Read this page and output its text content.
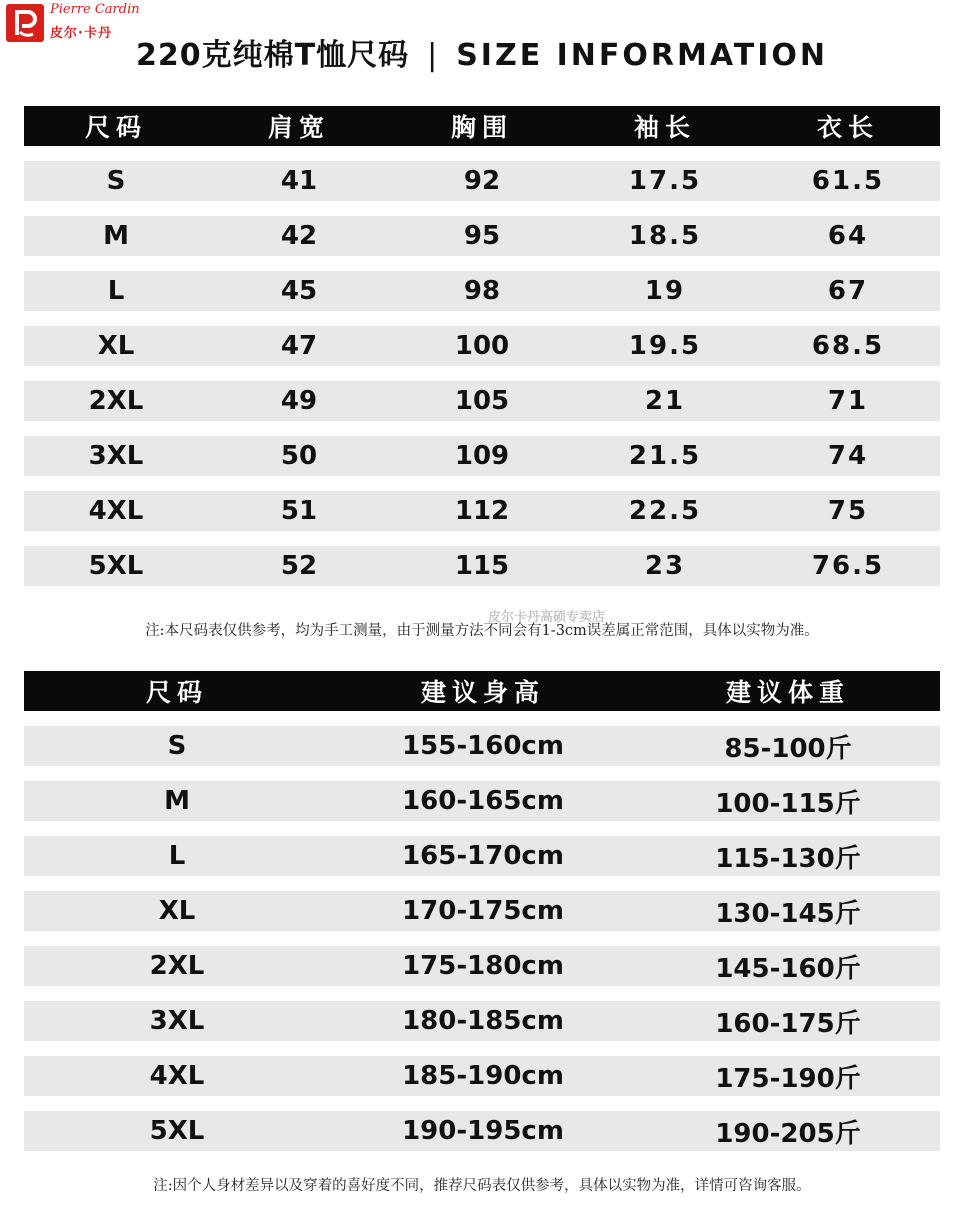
Pierre Cardin
皮尔·卡丹
220克纯棉T恤尺码 | SIZE INFORMATION
尺码	肩宽	胸围	袖长	衣长
S	41	92	17.5	61.5
M	42	95	18.5	64
L	45	98	19	67
XL	47	100	19.5	68.5
2XL	49	105	21	71
3XL	50	109	21.5	74
4XL	51	112	22.5	75
5XL	52	115	23	76.5
皮尔卡丹高硕专卖店
注:本尺码表仅供参考，均为手工测量，由于测量方法不同会有1-3cm误差属正常范围，具体以实物为准。
尺码	建议身高	建议体重
S	155-160cm	85-100斤
M	160-165cm	100-115斤
L	165-170cm	115-130斤
XL	170-175cm	130-145斤
2XL	175-180cm	145-160斤
3XL	180-185cm	160-175斤
4XL	185-190cm	175-190斤
5XL	190-195cm	190-205斤
注:因个人身材差异以及穿着的喜好度不同，推荐尺码表仅供参考，具体以实物为准，详情可咨询客服。
